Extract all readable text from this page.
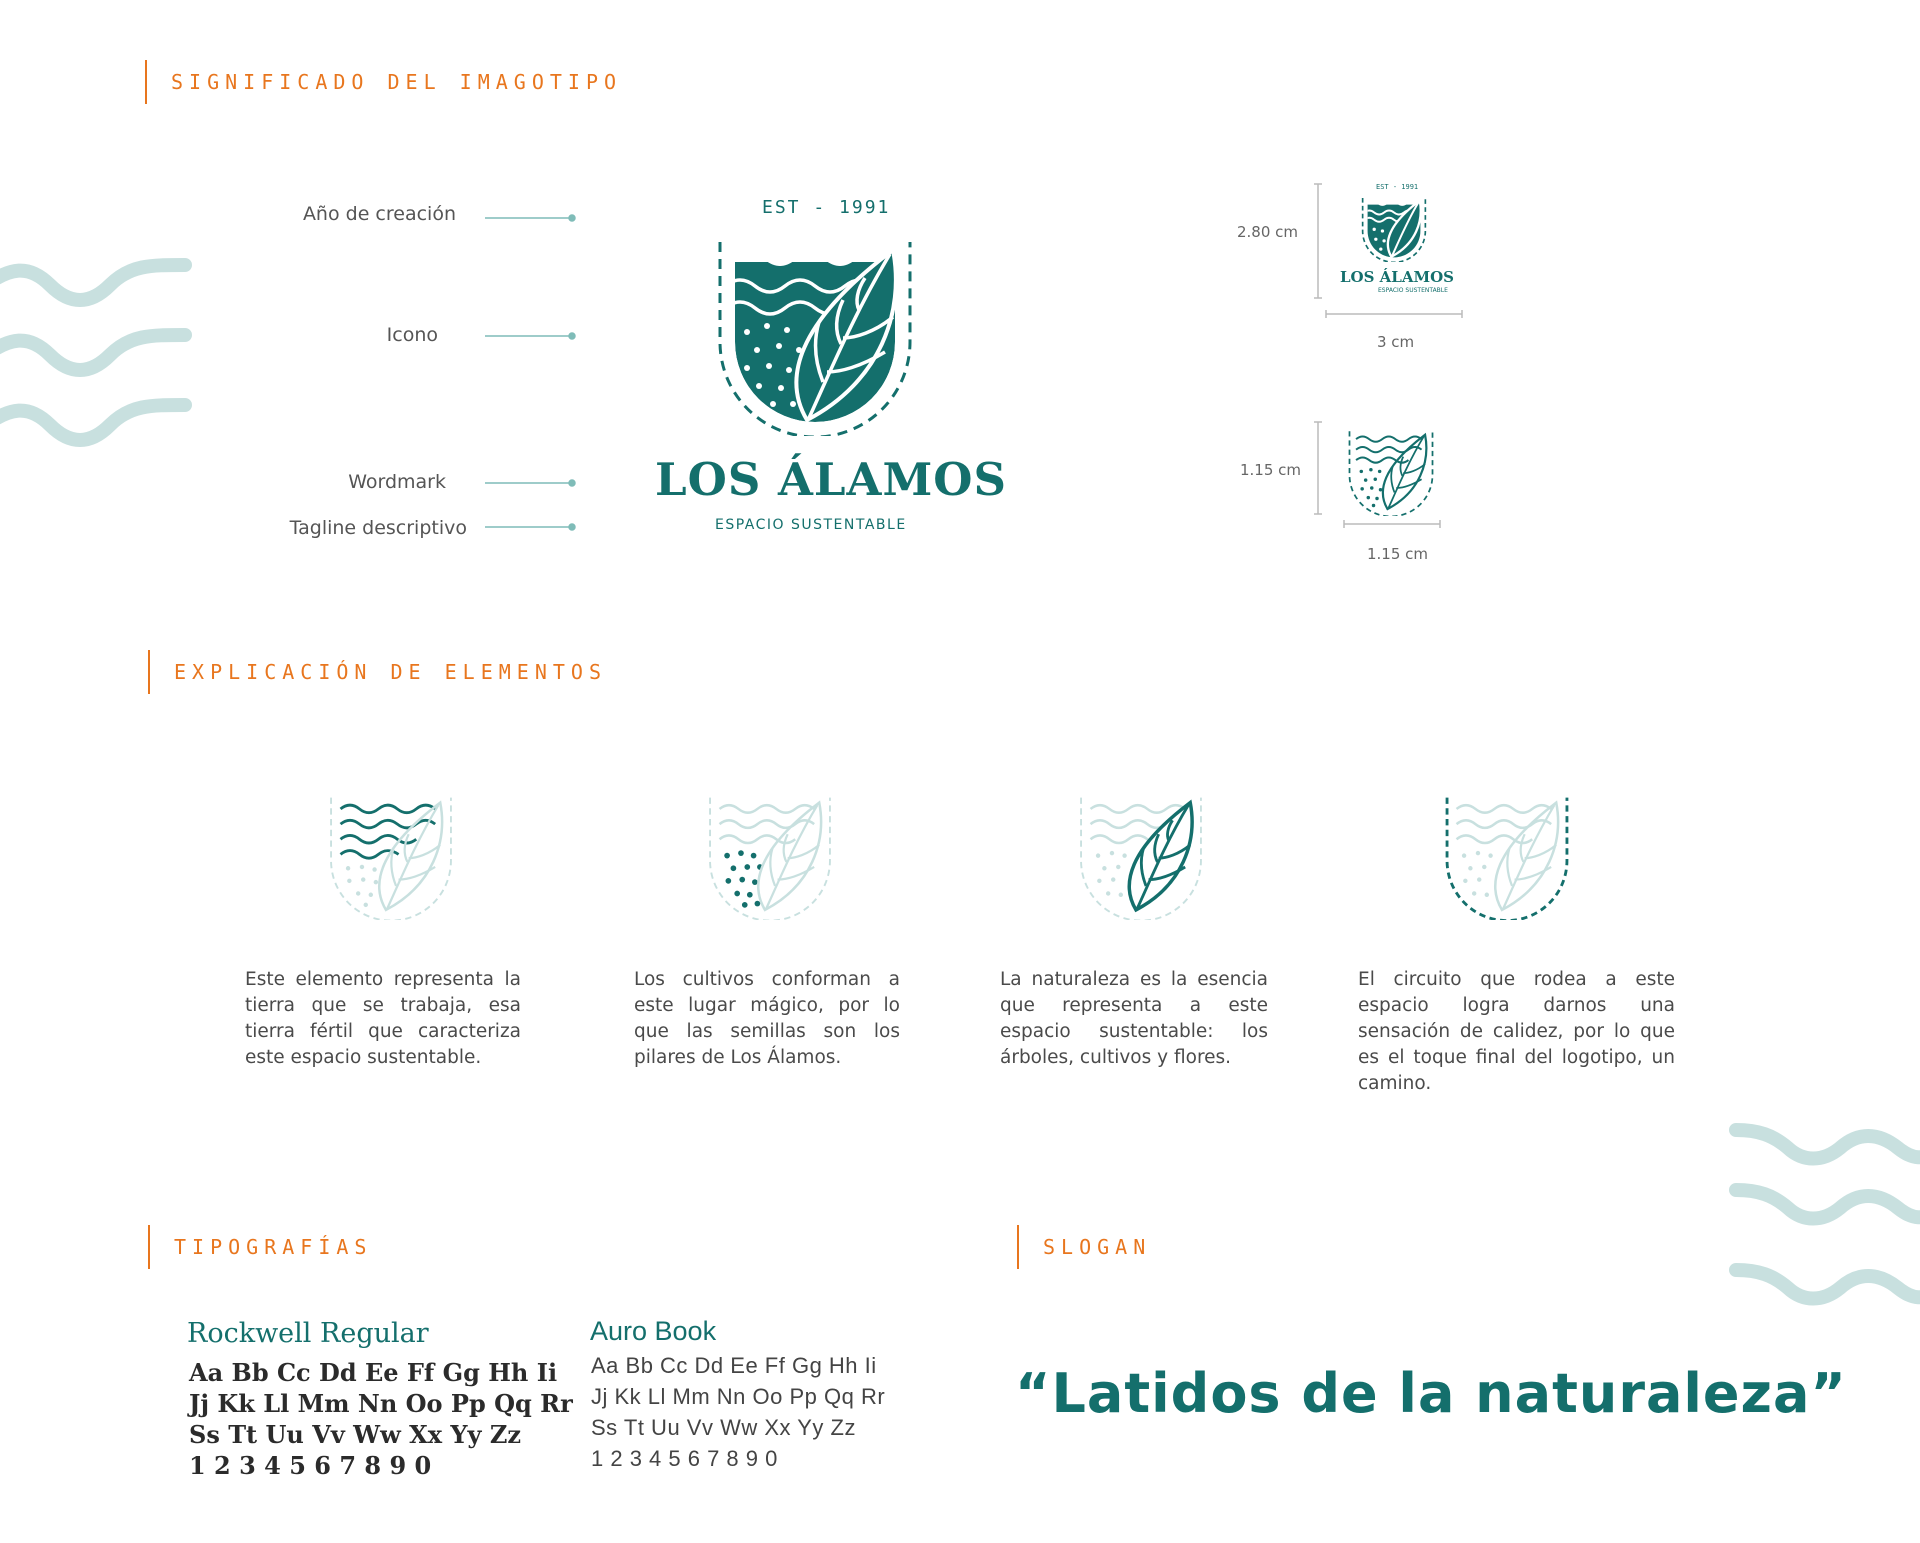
SIGNIFICADO DEL IMAGOTIPO
EXPLICACIÓN DE ELEMENTOS
TIPOGRAFÍAS	SLOGAN
Año de creación
Icono
Wordmark
Tagline descriptivo
EST - 1991
LOS ÁLAMOS
ESPACIO SUSTENTABLE
2.80 cm
EST - 1991
LOS ÁLAMOS
ESPACIO SUSTENTABLE
3 cm
1.15 cm
1.15 cm
Este elemento representa la tierra que se trabaja, esa tierra fértil que caracteriza este espacio sustentable.
Los cultivos conforman a este lugar mágico, por lo que las semillas son los pilares de Los Álamos.
La naturaleza es la esencia que representa a este espacio sustentable: los árboles, cultivos y flores.
El circuito que rodea a este espacio logra darnos una sensación de calidez, por lo que es el toque final del logotipo, un camino.
Rockwell Regular
Aa Bb Cc Dd Ee Ff Gg Hh Ii
Jj Kk Ll Mm Nn Oo Pp Qq Rr
Ss Tt Uu Vv Ww Xx Yy Zz
1 2 3 4 5 6 7 8 9 0
Auro Book
Aa Bb Cc Dd Ee Ff Gg Hh Ii
Jj Kk Ll Mm Nn Oo Pp Qq Rr
Ss Tt Uu Vv Ww Xx Yy Zz
1 2 3 4 5 6 7 8 9 0
“Latidos de la naturaleza”
